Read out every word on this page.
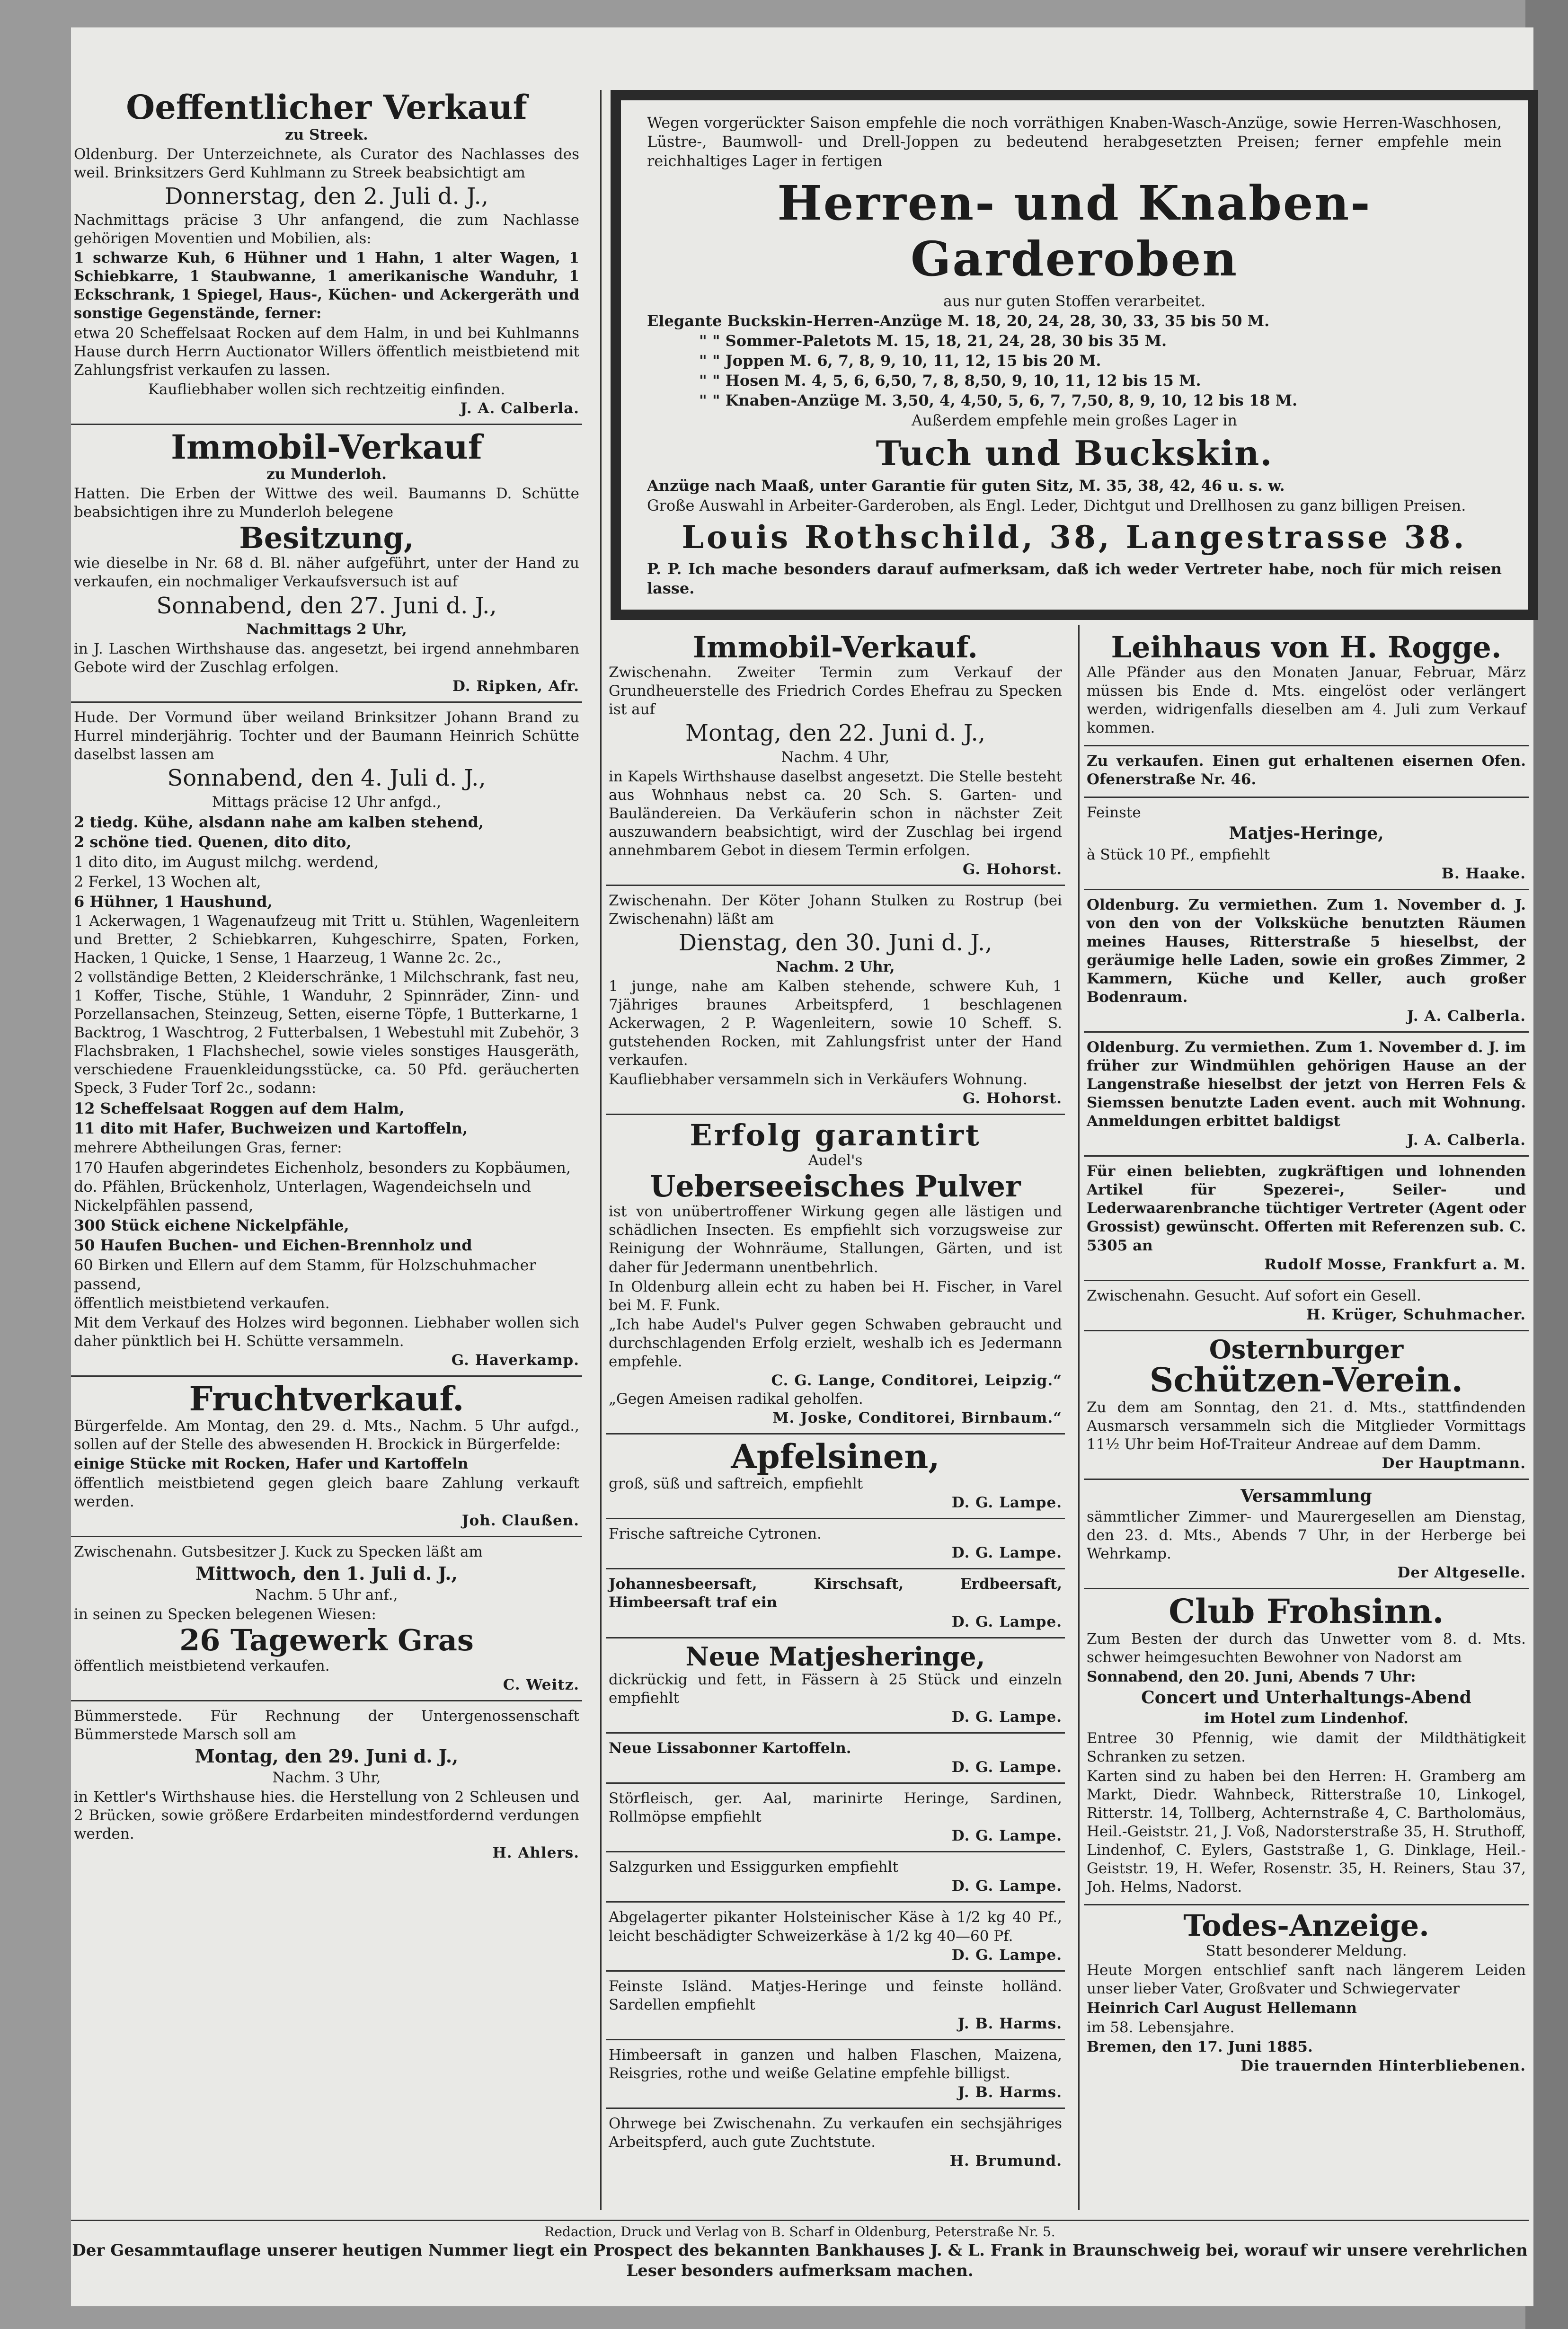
Oeffentlicher Verkauf
zu Streek.
Oldenburg. Der Unterzeichnete, als Curator des Nachlasses des weil. Brinksitzers Gerd Kuhlmann zu Streek beabsichtigt am
Donnerstag, den 2. Juli d. J.,
Nachmittags präcise 3 Uhr anfangend, die zum Nachlasse gehörigen Moventien und Mobilien, als:
1 schwarze Kuh, 6 Hühner und 1 Hahn, 1 alter Wagen, 1 Schiebkarre, 1 Staubwanne, 1 amerikanische Wanduhr, 1 Eckschrank, 1 Spiegel, Haus-, Küchen- und Ackergeräth und sonstige Gegenstände, ferner:
etwa 20 Scheffelsaat Rocken auf dem Halm, in und bei Kuhlmanns Hause durch Herrn Auctionator Willers öffentlich meistbietend mit Zahlungsfrist verkaufen zu lassen.
Kaufliebhaber wollen sich rechtzeitig einfinden.
J. A. Calberla.
Immobil-Verkauf
zu Munderloh.
Hatten. Die Erben der Wittwe des weil. Baumanns D. Schütte beabsichtigen ihre zu Munderloh belegene
Besitzung,
wie dieselbe in Nr. 68 d. Bl. näher aufgeführt, unter der Hand zu verkaufen, ein nochmaliger Verkaufsversuch ist auf
Sonnabend, den 27. Juni d. J.,
Nachmittags 2 Uhr,
in J. Laschen Wirthshause das. angesetzt, bei irgend annehmbaren Gebote wird der Zuschlag erfolgen.
D. Ripken, Afr.
Hude. Der Vormund über weiland Brinksitzer Johann Brand zu Hurrel minderjährig. Tochter und der Baumann Heinrich Schütte daselbst lassen am
Sonnabend, den 4. Juli d. J.,
Mittags präcise 12 Uhr anfgd.,
2 tiedg. Kühe, alsdann nahe am kalben stehend,
2 schöne tied. Quenen, dito dito,
1 dito dito, im August milchg. werdend,
2 Ferkel, 13 Wochen alt,
6 Hühner, 1 Haushund,
1 Ackerwagen, 1 Wagenaufzeug mit Tritt u. Stühlen, Wagenleitern und Bretter, 2 Schiebkarren, Kuhgeschirre, Spaten, Forken, Hacken, 1 Quicke, 1 Sense, 1 Haarzeug, 1 Wanne 2c. 2c.,
2 vollständige Betten, 2 Kleiderschränke, 1 Milchschrank, fast neu, 1 Koffer, Tische, Stühle, 1 Wanduhr, 2 Spinnräder, Zinn- und Porzellansachen, Steinzeug, Setten, eiserne Töpfe, 1 Butterkarne, 1 Backtrog, 1 Waschtrog, 2 Futterbalsen, 1 Webestuhl mit Zubehör, 3 Flachsbraken, 1 Flachshechel, sowie vieles sonstiges Hausgeräth, verschiedene Frauenkleidungsstücke, ca. 50 Pfd. geräucherten Speck, 3 Fuder Torf 2c., sodann:
12 Scheffelsaat Roggen auf dem Halm,
11 dito mit Hafer, Buchweizen und Kartoffeln,
mehrere Abtheilungen Gras, ferner:
170 Haufen abgerindetes Eichenholz, besonders zu Kopbäumen, do. Pfählen, Brückenholz, Unterlagen, Wagendeichseln und Nickelpfählen passend,
300 Stück eichene Nickelpfähle,
50 Haufen Buchen- und Eichen-Brennholz und
60 Birken und Ellern auf dem Stamm, für Holzschuhmacher passend,
öffentlich meistbietend verkaufen.
Mit dem Verkauf des Holzes wird begonnen. Liebhaber wollen sich daher pünktlich bei H. Schütte versammeln.
G. Haverkamp.
Fruchtverkauf.
Bürgerfelde. Am Montag, den 29. d. Mts., Nachm. 5 Uhr aufgd., sollen auf der Stelle des abwesenden H. Brockick in Bürgerfelde:
einige Stücke mit Rocken, Hafer und Kartoffeln
öffentlich meistbietend gegen gleich baare Zahlung verkauft werden.
Joh. Claußen.
Zwischenahn. Gutsbesitzer J. Kuck zu Specken läßt am
Mittwoch, den 1. Juli d. J.,
Nachm. 5 Uhr anf.,
in seinen zu Specken belegenen Wiesen:
26 Tagewerk Gras
öffentlich meistbietend verkaufen.
C. Weitz.
Bümmerstede. Für Rechnung der Untergenossenschaft Bümmerstede Marsch soll am
Montag, den 29. Juni d. J.,
Nachm. 3 Uhr,
in Kettler's Wirthshause hies. die Herstellung von 2 Schleusen und 2 Brücken, sowie größere Erdarbeiten mindestfordernd verdungen werden.
H. Ahlers.
Wegen vorgerückter Saison empfehle die noch vorräthigen Knaben-Wasch-Anzüge, sowie Herren-Waschhosen, Lüstre-, Baumwoll- und Drell-Joppen zu bedeutend herabgesetzten Preisen; ferner empfehle mein reichhaltiges Lager in fertigen
Herren- und Knaben-Garderoben
aus nur guten Stoffen verarbeitet.
Elegante Buckskin-Herren-Anzüge M. 18, 20, 24, 28, 30, 33, 35 bis 50 M.
" " Sommer-Paletots M. 15, 18, 21, 24, 28, 30 bis 35 M.
" " Joppen M. 6, 7, 8, 9, 10, 11, 12, 15 bis 20 M.
" " Hosen M. 4, 5, 6, 6,50, 7, 8, 8,50, 9, 10, 11, 12 bis 15 M.
" " Knaben-Anzüge M. 3,50, 4, 4,50, 5, 6, 7, 7,50, 8, 9, 10, 12 bis 18 M.
Außerdem empfehle mein großes Lager in
Tuch und Buckskin.
Anzüge nach Maaß, unter Garantie für guten Sitz, M. 35, 38, 42, 46 u. s. w.
Große Auswahl in Arbeiter-Garderoben, als Engl. Leder, Dichtgut und Drellhosen zu ganz billigen Preisen.
Louis Rothschild, 38, Langestrasse 38.
P. P. Ich mache besonders darauf aufmerksam, daß ich weder Vertreter habe, noch für mich reisen lasse.
Immobil-Verkauf.
Zwischenahn. Zweiter Termin zum Verkauf der Grundheuerstelle des Friedrich Cordes Ehefrau zu Specken ist auf
Montag, den 22. Juni d. J.,
Nachm. 4 Uhr,
in Kapels Wirthshause daselbst angesetzt. Die Stelle besteht aus Wohnhaus nebst ca. 20 Sch. S. Garten- und Bauländereien. Da Verkäuferin schon in nächster Zeit auszuwandern beabsichtigt, wird der Zuschlag bei irgend annehmbarem Gebot in diesem Termin erfolgen.
G. Hohorst.
Zwischenahn. Der Köter Johann Stulken zu Rostrup (bei Zwischenahn) läßt am
Dienstag, den 30. Juni d. J.,
Nachm. 2 Uhr,
1 junge, nahe am Kalben stehende, schwere Kuh, 1 7jähriges braunes Arbeitspferd, 1 beschlagenen Ackerwagen, 2 P. Wagenleitern, sowie 10 Scheff. S. gutstehenden Rocken, mit Zahlungsfrist unter der Hand verkaufen.
Kaufliebhaber versammeln sich in Verkäufers Wohnung.
G. Hohorst.
Erfolg garantirt
Audel's
Ueberseeisches Pulver
ist von unübertroffener Wirkung gegen alle lästigen und schädlichen Insecten. Es empfiehlt sich vorzugsweise zur Reinigung der Wohnräume, Stallungen, Gärten, und ist daher für Jedermann unentbehrlich.
In Oldenburg allein echt zu haben bei H. Fischer, in Varel bei M. F. Funk.
„Ich habe Audel's Pulver gegen Schwaben gebraucht und durchschlagenden Erfolg erzielt, weshalb ich es Jedermann empfehle.
C. G. Lange, Conditorei, Leipzig.“
„Gegen Ameisen radikal geholfen.
M. Joske, Conditorei, Birnbaum.“
Apfelsinen,
groß, süß und saftreich, empfiehlt
D. G. Lampe.
Frische saftreiche Cytronen.
D. G. Lampe.
Johannesbeersaft, Kirschsaft, Erdbeersaft, Himbeersaft traf ein
D. G. Lampe.
Neue Matjesheringe,
dickrückig und fett, in Fässern à 25 Stück und einzeln empfiehlt
D. G. Lampe.
Neue Lissabonner Kartoffeln.
D. G. Lampe.
Störfleisch, ger. Aal, marinirte Heringe, Sardinen, Rollmöpse empfiehlt
D. G. Lampe.
Salzgurken und Essiggurken empfiehlt
D. G. Lampe.
Abgelagerter pikanter Holsteinischer Käse à 1/2 kg 40 Pf., leicht beschädigter Schweizerkäse à 1/2 kg 40—60 Pf.
D. G. Lampe.
Feinste Isländ. Matjes-Heringe und feinste holländ. Sardellen empfiehlt
J. B. Harms.
Himbeersaft in ganzen und halben Flaschen, Maizena, Reisgries, rothe und weiße Gelatine empfehle billigst.
J. B. Harms.
Ohrwege bei Zwischenahn. Zu verkaufen ein sechsjähriges Arbeitspferd, auch gute Zuchtstute.
H. Brumund.
Leihhaus von H. Rogge.
Alle Pfänder aus den Monaten Januar, Februar, März müssen bis Ende d. Mts. eingelöst oder verlängert werden, widrigenfalls dieselben am 4. Juli zum Verkauf kommen.
Zu verkaufen. Einen gut erhaltenen eisernen Ofen. Ofenerstraße Nr. 46.
Feinste
Matjes-Heringe,
à Stück 10 Pf., empfiehlt
B. Haake.
Oldenburg. Zu vermiethen. Zum 1. November d. J. von den von der Volksküche benutzten Räumen meines Hauses, Ritterstraße 5 hieselbst, der geräumige helle Laden, sowie ein großes Zimmer, 2 Kammern, Küche und Keller, auch großer Bodenraum.
J. A. Calberla.
Oldenburg. Zu vermiethen. Zum 1. November d. J. im früher zur Windmühlen gehörigen Hause an der Langenstraße hieselbst der jetzt von Herren Fels & Siemssen benutzte Laden event. auch mit Wohnung. Anmeldungen erbittet baldigst
J. A. Calberla.
Für einen beliebten, zugkräftigen und lohnenden Artikel für Spezerei-, Seiler- und Lederwaarenbranche tüchtiger Vertreter (Agent oder Grossist) gewünscht. Offerten mit Referenzen sub. C. 5305 an
Rudolf Mosse, Frankfurt a. M.
Zwischenahn. Gesucht. Auf sofort ein Gesell.
H. Krüger, Schuhmacher.
Osternburger
Schützen-Verein.
Zu dem am Sonntag, den 21. d. Mts., stattfindenden Ausmarsch versammeln sich die Mitglieder Vormittags 11½ Uhr beim Hof-Traiteur Andreae auf dem Damm.
Der Hauptmann.
Versammlung
sämmtlicher Zimmer- und Maurergesellen am Dienstag, den 23. d. Mts., Abends 7 Uhr, in der Herberge bei Wehrkamp.
Der Altgeselle.
Club Frohsinn.
Zum Besten der durch das Unwetter vom 8. d. Mts. schwer heimgesuchten Bewohner von Nadorst am
Sonnabend, den 20. Juni, Abends 7 Uhr:
Concert und Unterhaltungs-Abend
im Hotel zum Lindenhof.
Entree 30 Pfennig, wie damit der Mildthätigkeit Schranken zu setzen.
Karten sind zu haben bei den Herren: H. Gramberg am Markt, Diedr. Wahnbeck, Ritterstraße 10, Linkogel, Ritterstr. 14, Tollberg, Achternstraße 4, C. Bartholomäus, Heil.-Geiststr. 21, J. Voß, Nadorsterstraße 35, H. Struthoff, Lindenhof, C. Eylers, Gaststraße 1, G. Dinklage, Heil.-Geiststr. 19, H. Wefer, Rosenstr. 35, H. Reiners, Stau 37, Joh. Helms, Nadorst.
Todes-Anzeige.
Statt besonderer Meldung.
Heute Morgen entschlief sanft nach längerem Leiden unser lieber Vater, Großvater und Schwiegervater
Heinrich Carl August Hellemann
im 58. Lebensjahre.
Bremen, den 17. Juni 1885.
Die trauernden Hinterbliebenen.
Redaction, Druck und Verlag von B. Scharf in Oldenburg, Peterstraße Nr. 5.
Der Gesammtauflage unserer heutigen Nummer liegt ein Prospect des bekannten Bankhauses J. & L. Frank in Braunschweig bei, worauf wir unsere verehrlichen Leser besonders aufmerksam machen.
